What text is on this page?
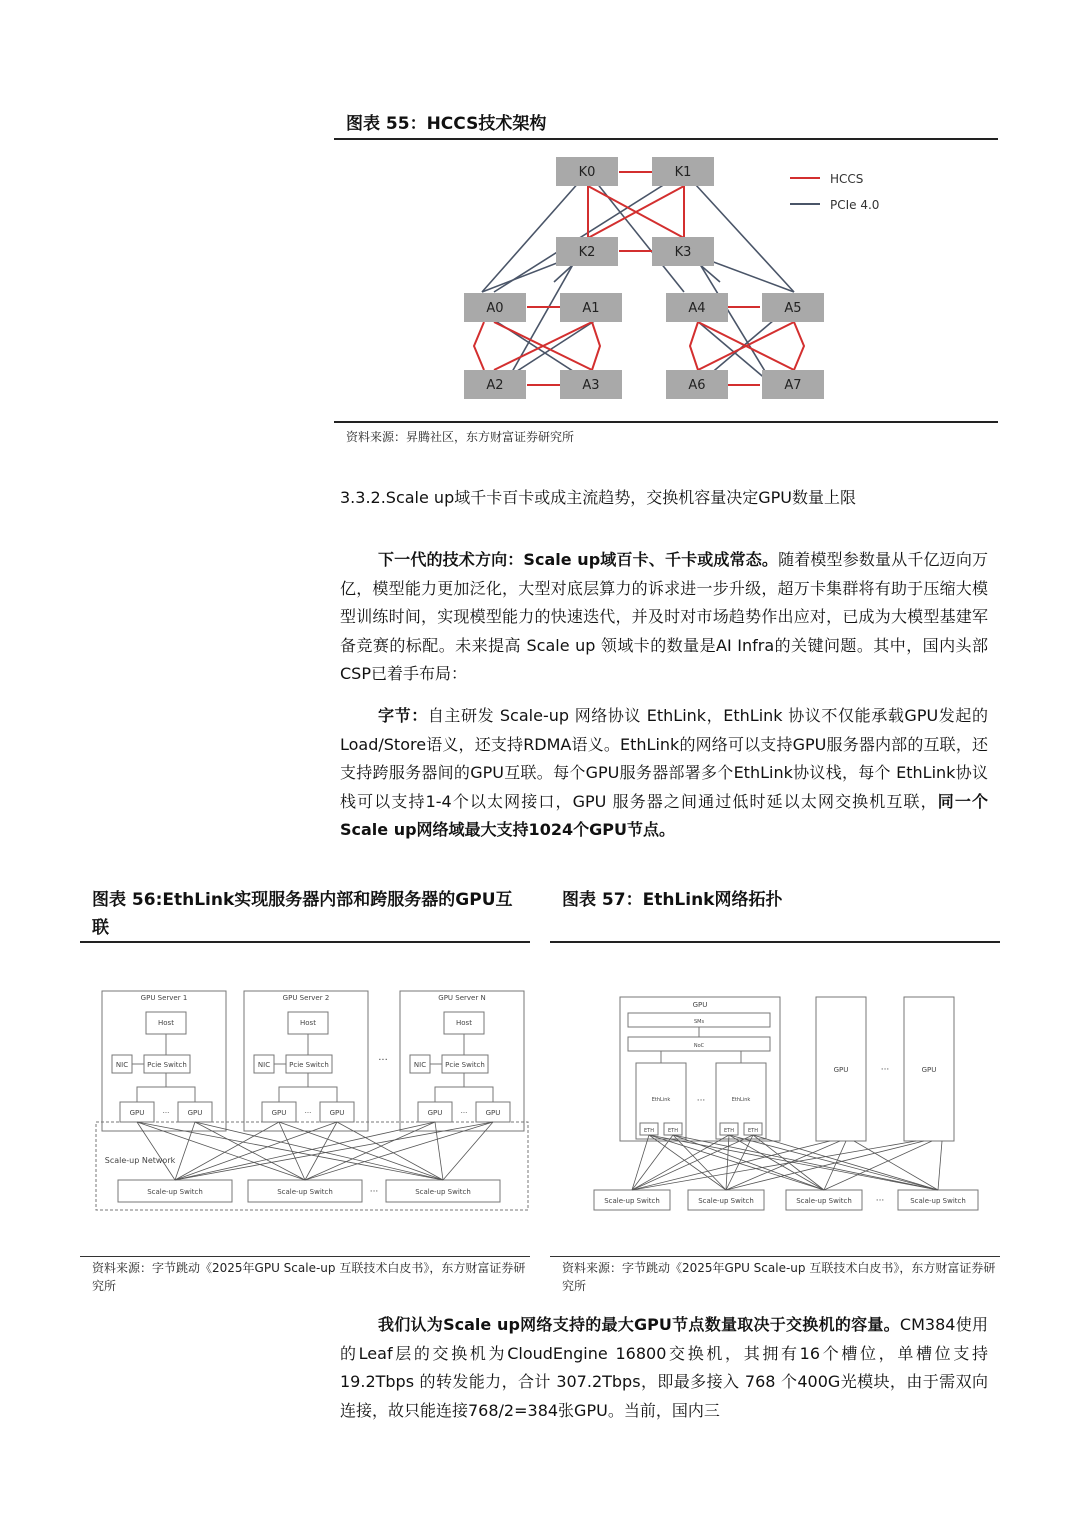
图表 55：HCCS技术架构
K0	K1
K2	K3
A0	A1	A4	A5
A2	A3	A6	A7
HCCS
PCIe 4.0
资料来源：昇腾社区，东方财富证券研究所
3.3.2.Scale up域千卡百卡或成主流趋势，交换机容量决定GPU数量上限
下一代的技术方向：Scale up域百卡、千卡或成常态。随着模型参数量从千亿迈向万亿，模型能力更加泛化，大型对底层算力的诉求进一步升级，超万卡集群将有助于压缩大模型训练时间，实现模型能力的快速迭代，并及时对市场趋势作出应对，已成为大模型基建军备竞赛的标配。未来提高 Scale up 领域卡的数量是AI Infra的关键问题。其中，国内头部CSP已着手布局：
字节：自主研发 Scale-up 网络协议 EthLink，EthLink 协议不仅能承载GPU发起的Load/Store语义，还支持RDMA语义。EthLink的网络可以支持GPU服务器内部的互联，还支持跨服务器间的GPU互联。每个GPU服务器部署多个EthLink协议栈，每个 EthLink协议栈可以支持1-4个以太网接口，GPU 服务器之间通过低时延以太网交换机互联，同一个Scale up网络域最大支持1024个GPU节点。
图表 56:EthLink实现服务器内部和跨服务器的GPU互联
GPU Server 1	GPU Server 2	GPU Server N
Host	Host	Host
NIC	NIC	NIC
Pcie Switch	Pcie Switch	Pcie Switch
GPU	GPU	GPU	GPU	GPU	GPU
···	···	···
···
Scale-up Switch	Scale-up Switch	Scale-up Switch
···
Scale-up Network
资料来源：字节跳动《2025年GPU Scale-up 互联技术白皮书》，东方财富证券研究所
图表 57：EthLink网络拓扑
GPU
SMs
NoC
EthLink	EthLink
ETH	ETH	ETH	ETH
···
GPU	GPU
···
Scale-up Switch	Scale-up Switch	Scale-up Switch	Scale-up Switch
···
资料来源：字节跳动《2025年GPU Scale-up 互联技术白皮书》，东方财富证券研究所
我们认为Scale up网络支持的最大GPU节点数量取决于交换机的容量。CM384使用的Leaf层的交换机为CloudEngine 16800交换机，其拥有16个槽位，单槽位支持 19.2Tbps 的转发能力，合计 307.2Tbps，即最多接入 768 个400G光模块，由于需双向连接，故只能连接768/2=384张GPU。当前，国内三
